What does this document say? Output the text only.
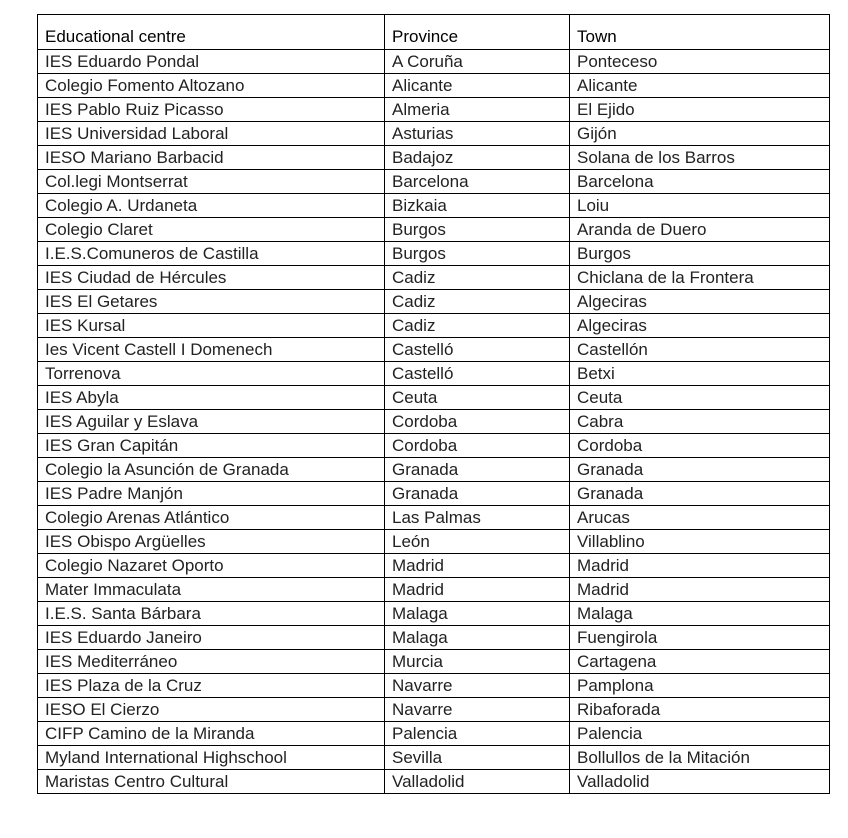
Educational centre	Province	Town
IES Eduardo Pondal	A Coruña	Ponteceso
Colegio Fomento Altozano	Alicante	Alicante
IES Pablo Ruiz Picasso	Almeria	El Ejido
IES Universidad Laboral	Asturias	Gijón
IESO Mariano Barbacid	Badajoz	Solana de los Barros
Col.legi Montserrat	Barcelona	Barcelona
Colegio A. Urdaneta	Bizkaia	Loiu
Colegio Claret	Burgos	Aranda de Duero
I.E.S.Comuneros de Castilla	Burgos	Burgos
IES Ciudad de Hércules	Cadiz	Chiclana de la Frontera
IES El Getares	Cadiz	Algeciras
IES Kursal	Cadiz	Algeciras
Ies Vicent Castell I Domenech	Castelló	Castellón
Torrenova	Castelló	Betxi
IES Abyla	Ceuta	Ceuta
IES Aguilar y Eslava	Cordoba	Cabra
IES Gran Capitán	Cordoba	Cordoba
Colegio la Asunción de Granada	Granada	Granada
IES Padre Manjón	Granada	Granada
Colegio Arenas Atlántico	Las Palmas	Arucas
IES Obispo Argüelles	León	Villablino
Colegio Nazaret Oporto	Madrid	Madrid
Mater Immaculata	Madrid	Madrid
I.E.S. Santa Bárbara	Malaga	Malaga
IES Eduardo Janeiro	Malaga	Fuengirola
IES Mediterráneo	Murcia	Cartagena
IES Plaza de la Cruz	Navarre	Pamplona
IESO El Cierzo	Navarre	Ribaforada
CIFP Camino de la Miranda	Palencia	Palencia
Myland International Highschool	Sevilla	Bollullos de la Mitación
Maristas Centro Cultural	Valladolid	Valladolid
